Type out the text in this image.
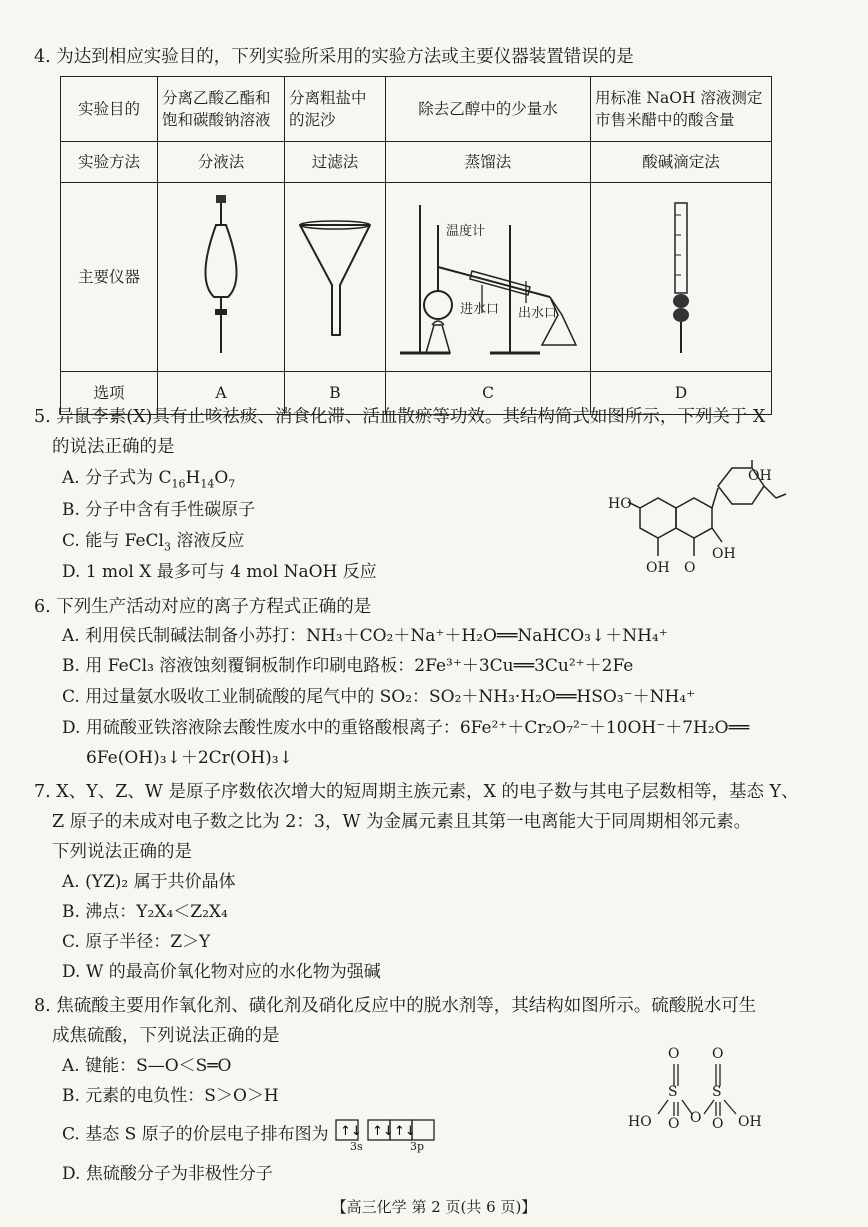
4. 为达到相应实验目的，下列实验所采用的实验方法或主要仪器装置错误的是
实验目的	分离乙酸乙酯和饱和碳酸钠溶液	分离粗盐中的泥沙	除去乙醇中的少量水	用标准 NaOH 溶液测定市售米醋中的酸含量
实验方法	分液法	过滤法	蒸馏法	酸碱滴定法
主要仪器			温度计
进水口 出水口

选项	A	B	C	D
5. 异鼠李素(X)具有止咳祛痰、消食化滞、活血散瘀等功效。其结构简式如图所示，下列关于 X
的说法正确的是
A. 分子式为 $C_{16}H_{14}O_7$
B. 分子中含有手性碳原子
C. 能与 FeCl$_3$ 溶液反应
D. 1 mol X 最多可与 4 mol NaOH 反应
OH
HO
OH O
OH
6. 下列生产活动对应的离子方程式正确的是
A. 利用侯氏制碱法制备小苏打：NH₃＋CO₂＋Na⁺＋H₂O══NaHCO₃↓＋NH₄⁺
B. 用 FeCl₃ 溶液蚀刻覆铜板制作印刷电路板：2Fe³⁺＋3Cu══3Cu²⁺＋2Fe
C. 用过量氨水吸收工业制硫酸的尾气中的 SO₂：SO₂＋NH₃·H₂O══HSO₃⁻＋NH₄⁺
D. 用硫酸亚铁溶液除去酸性废水中的重铬酸根离子：6Fe²⁺＋Cr₂O₇²⁻＋10OH⁻＋7H₂O══
6Fe(OH)₃↓＋2Cr(OH)₃↓
7. X、Y、Z、W 是原子序数依次增大的短周期主族元素，X 的电子数与其电子层数相等，基态 Y、
Z 原子的未成对电子数之比为 2：3，W 为金属元素且其第一电离能大于同周期相邻元素。
下列说法正确的是
A. (YZ)₂ 属于共价晶体
B. 沸点：Y₂X₄＜Z₂X₄
C. 原子半径：Z＞Y
D. W 的最高价氧化物对应的水化物为强碱
8. 焦硫酸主要用作氧化剂、磺化剂及硝化反应中的脱水剂等，其结构如图所示。硫酸脱水可生
成焦硫酸，下列说法正确的是
A. 键能：S—O＜S═O
B. 元素的电负性：S＞O＞H
C. 基态 S 原子的价层电子排布图为 ↑↓ ↑↓ ↑↓
3s	3p
D. 焦硫酸分子为非极性分子
O O
S S
HO O O O OH
【高三化学 第 2 页(共 6 页)】
